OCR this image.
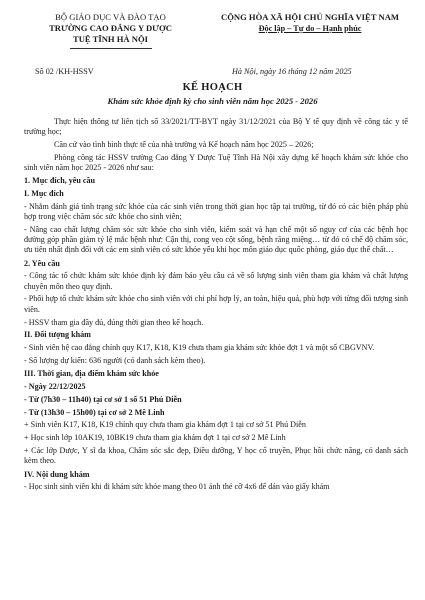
BỘ GIÁO DỤC VÀ ĐÀO TẠO
TRƯỜNG CAO ĐẲNG Y DƯỢC
TUỆ TĨNH HÀ NỘI
CỘNG HÒA XÃ HỘI CHỦ NGHĨA VIỆT NAM
Độc lập – Tự do – Hạnh phúc
Số 02 /KH-HSSV	Hà Nội, ngày 16 tháng 12 năm 2025
KẾ HOẠCH
Khám sức khỏe định kỳ cho sinh viên năm học 2025 - 2026

Thực hiện thông tư liên tịch số 33/2021/TT-BYT ngày 31/12/2021 của Bộ Y tế quy định về công tác y tế trường học;

Căn cứ vào tình hình thực tế của nhà trường và Kế hoạch năm học 2025 – 2026;

Phòng công tác HSSV trường Cao đẳng Y Dược Tuệ Tĩnh Hà Nội xây dựng kế hoạch khám sức khỏe cho sinh viên năm học 2025 - 2026 như sau:

1. Mục đích, yêu cầu

I. Mục đích

- Nhằm đánh giá tình trạng sức khỏe của các sinh viên trong thời gian học tập tại trường, từ đó có các biện pháp phù hợp trong việc chăm sóc sức khỏe cho sinh viên;

- Nâng cao chất lượng chăm sóc sức khỏe cho sinh viên, kiểm soát và hạn chế một số nguy cơ của các bệnh học đường góp phần giảm tỷ lệ mắc bệnh như: Cận thị, cong vẹo cột sống, bệnh răng miệng… từ đó có chế độ chăm sóc, ưu tiên nhất định đối với các em sinh viên có sức khỏe yếu khi học môn giáo dục quốc phòng, giáo dục thể chất…

2. Yêu cầu

- Công tác tổ chức khám sức khỏe định kỳ đảm bảo yêu cầu cả về số lượng sinh viên tham gia khám và chất lượng chuyên môn theo quy định.

- Phối hợp tổ chức khám sức khỏe cho sinh viên với chi phí hợp lý, an toàn, hiệu quả, phù hợp với từng đối tượng sinh viên.

- HSSV tham gia đầy đủ, đúng thời gian theo kế hoạch.

II. Đối tượng khám

- Sinh viên hệ cao đẳng chính quy K17, K18, K19 chưa tham gia khám sức khỏe đợt 1 và một số CBGVNV.

- Số lượng dự kiến: 636 người (có danh sách kèm theo).

III. Thời gian, địa điểm khám sức khỏe

- Ngày 22/12/2025

- Từ (7h30 – 11h40) tại cơ sở 1 số 51 Phú Diễn

- Từ (13h30 – 15h00) tại cơ sở 2 Mê Linh

+ Sinh viên K17, K18, K19 chính quy chưa tham gia khám đợt 1 tại cơ sở 51 Phú Diễn

+ Học sinh lớp 10AK19, 10BK19 chưa tham gia khám đợt 1 tại cơ sở 2 Mê Linh

+ Các lớp Dược, Y sĩ đa khoa, Chăm sóc sắc đẹp, Điều dưỡng, Y học cổ truyền, Phục hồi chức năng, có danh sách kèm theo.

IV. Nội dung khám

- Học sinh sinh viên khi đi khám sức khỏe mang theo 01 ảnh thẻ cỡ 4x6 để dán vào giấy khám
